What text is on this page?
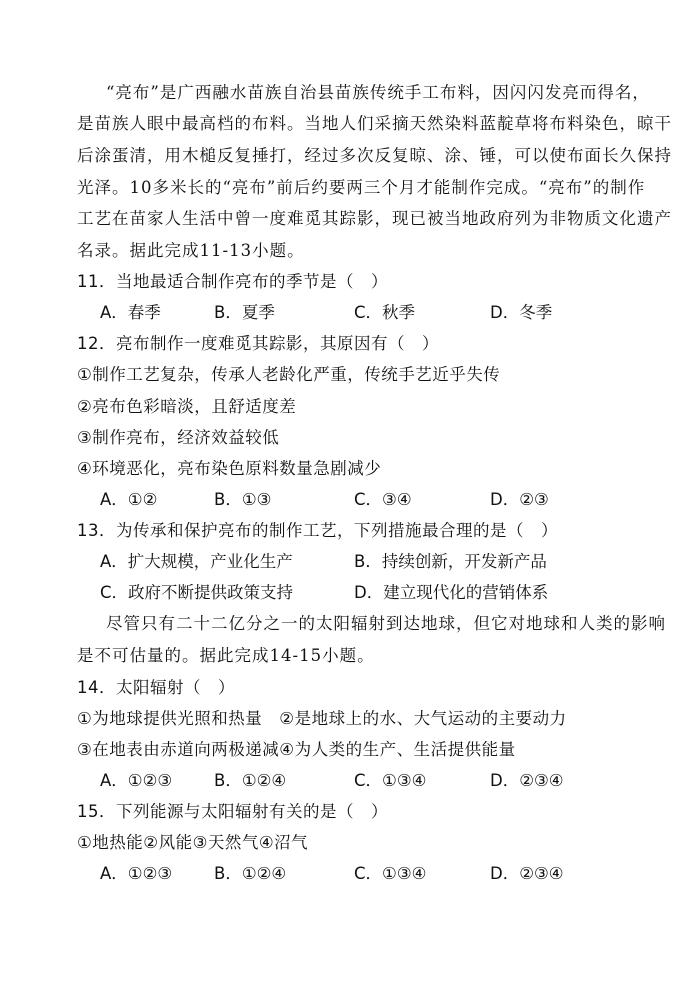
“亮布”是广西融水苗族自治县苗族传统手工布料，因闪闪发亮而得名，
是苗族人眼中最高档的布料。当地人们采摘天然染料蓝靛草将布料染色，晾干
后涂蛋清，用木槌反复捶打，经过多次反复晾、涂、锤，可以使布面长久保持
光泽。10多米长的“亮布”前后约要两三个月才能制作完成。“亮布”的制作
工艺在苗家人生活中曾一度难觅其踪影，现已被当地政府列为非物质文化遗产
名录。据此完成11-13小题。
11．当地最适合制作亮布的季节是（　）
A．春季	B．夏季	C．秋季	D．冬季
12．亮布制作一度难觅其踪影，其原因有（　）
①制作工艺复杂，传承人老龄化严重，传统手艺近乎失传
②亮布色彩暗淡，且舒适度差
③制作亮布，经济效益较低
④环境恶化，亮布染色原料数量急剧减少
A．①②	B．①③	C．③④	D．②③
13．为传承和保护亮布的制作工艺，下列措施最合理的是（　）
A．扩大规模，产业化生产	B．持续创新，开发新产品
C．政府不断提供政策支持	D．建立现代化的营销体系
尽管只有二十二亿分之一的太阳辐射到达地球，但它对地球和人类的影响
是不可估量的。据此完成14-15小题。
14．太阳辐射（　）
①为地球提供光照和热量　②是地球上的水、大气运动的主要动力
③在地表由赤道向两极递减④为人类的生产、生活提供能量
A．①②③	B．①②④	C．①③④	D．②③④
15．下列能源与太阳辐射有关的是（　）
①地热能②风能③天然气④沼气
A．①②③	B．①②④	C．①③④	D．②③④
